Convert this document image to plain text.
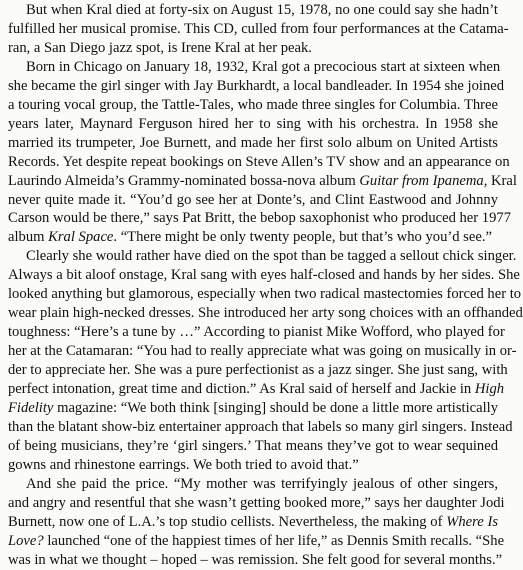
But when Kral died at forty-six on August 15, 1978, no one could say she hadn’t
fulfilled her musical promise. This CD, culled from four performances at the Catama-
ran, a San Diego jazz spot, is Irene Kral at her peak.
Born in Chicago on January 18, 1932, Kral got a precocious start at sixteen when
she became the girl singer with Jay Burkhardt, a local bandleader. In 1954 she joined
a touring vocal group, the Tattle-Tales, who made three singles for Columbia. Three
years later, Maynard Ferguson hired her to sing with his orchestra. In 1958 she
married its trumpeter, Joe Burnett, and made her first solo album on United Artists
Records. Yet despite repeat bookings on Steve Allen’s TV show and an appearance on
Laurindo Almeida’s Grammy-nominated bossa-nova album Guitar from Ipanema, Kral
never quite made it. “You’d go see her at Donte’s, and Clint Eastwood and Johnny
Carson would be there,” says Pat Britt, the bebop saxophonist who produced her 1977
album Kral Space. “There might be only twenty people, but that’s who you’d see.”
Clearly she would rather have died on the spot than be tagged a sellout chick singer.
Always a bit aloof onstage, Kral sang with eyes half-closed and hands by her sides. She
looked anything but glamorous, especially when two radical mastectomies forced her to
wear plain high-necked dresses. She introduced her arty song choices with an offhanded
toughness: “Here’s a tune by …” According to pianist Mike Wofford, who played for
her at the Catamaran: “You had to really appreciate what was going on musically in or-
der to appreciate her. She was a pure perfectionist as a jazz singer. She just sang, with
perfect intonation, great time and diction.” As Kral said of herself and Jackie in High
Fidelity magazine: “We both think [singing] should be done a little more artistically
than the blatant show-biz entertainer approach that labels so many girl singers. Instead
of being musicians, they’re ‘girl singers.’ That means they’ve got to wear sequined
gowns and rhinestone earrings. We both tried to avoid that.”
And she paid the price. “My mother was terrifyingly jealous of other singers,
and angry and resentful that she wasn’t getting booked more,” says her daughter Jodi
Burnett, now one of L.A.’s top studio cellists. Nevertheless, the making of Where Is
Love? launched “one of the happiest times of her life,” as Dennis Smith recalls. “She
was in what we thought – hoped – was remission. She felt good for several months.”
